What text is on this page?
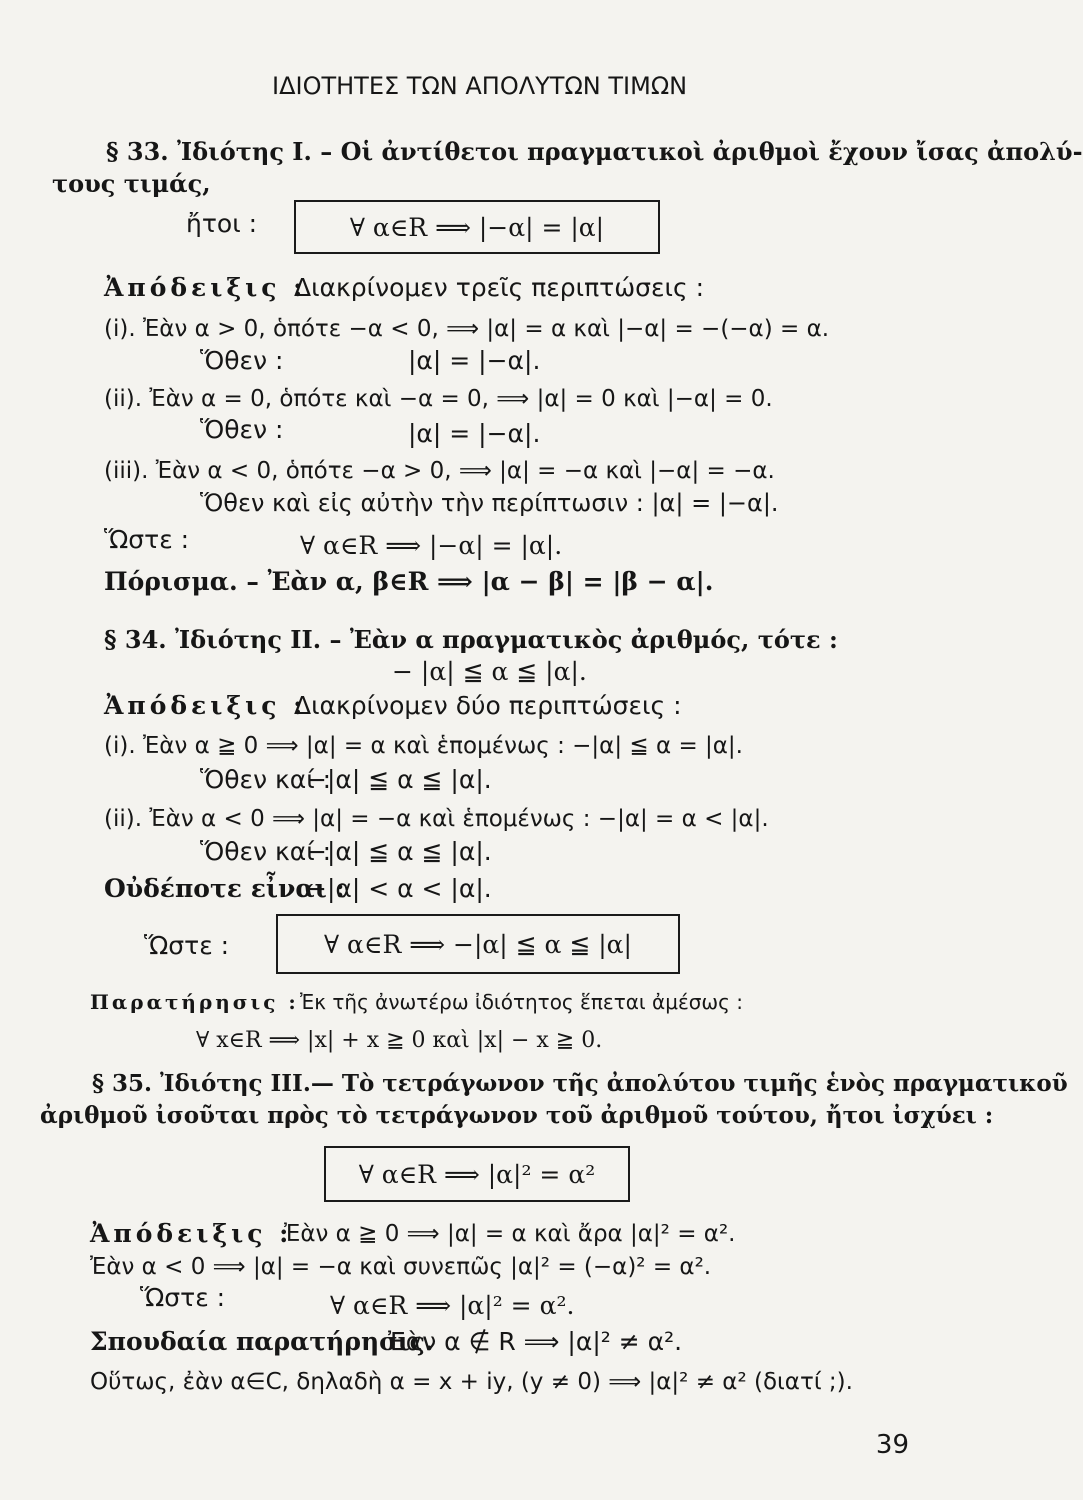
ΙΔΙΟΤΗΤΕΣ ΤΩΝ ΑΠΟΛΥΤΩΝ ΤΙΜΩΝ
§ 33. Ἰδιότης I. – Οἱ ἀντίθετοι πραγματικοὶ ἀριθμοὶ ἔχουν ἴσας ἀπολύ-
τους τιμάς,
ἤτοι :	∀ α∈R ⟹ |−α| = |α|
Ἀπόδειξις :
Διακρίνομεν τρεῖς περιπτώσεις :
(i). Ἐὰν α > 0, ὁπότε −α < 0, ⟹ |α| = α καὶ |−α| = −(−α) = α.
Ὅθεν :	|α| = |−α|.
(ii). Ἐὰν α = 0, ὁπότε καὶ −α = 0, ⟹ |α| = 0 καὶ |−α| = 0.
Ὅθεν :	|α| = |−α|.
(iii). Ἐὰν α < 0, ὁπότε −α > 0, ⟹ |α| = −α καὶ |−α| = −α.
Ὅθεν καὶ εἰς αὐτὴν τὴν περίπτωσιν : |α| = |−α|.
Ὥστε :	∀ α∈R ⟹ |−α| = |α|.
Πόρισμα. – Ἐὰν α, β∈R ⟹ |α − β| = |β − α|.
§ 34. Ἰδιότης II. – Ἐὰν α πραγματικὸς ἀριθμός, τότε :
− |α| ≦ α ≦ |α|.
Ἀπόδειξις :
Διακρίνομεν δύο περιπτώσεις :
(i). Ἐὰν α ≧ 0 ⟹ |α| = α καὶ ἑπομένως : −|α| ≦ α = |α|.
Ὅθεν καί :
−|α| ≦ α ≦ |α|.
(ii). Ἐὰν α < 0 ⟹ |α| = −α καὶ ἑπομένως : −|α| = α < |α|.
Ὅθεν καί :
−|α| ≦ α ≦ |α|.
Οὐδέποτε εἶναι :
−|α| < α < |α|.
Ὥστε :	∀ α∈R ⟹ −|α| ≦ α ≦ |α|
Παρατήρησις : Ἐκ τῆς ἀνωτέρω ἰδιότητος ἕπεται ἀμέσως :
∀ x∈R ⟹ |x| + x ≧ 0 καὶ |x| − x ≧ 0.
§ 35. Ἰδιότης III.— Τὸ τετράγωνον τῆς ἀπολύτου τιμῆς ἑνὸς πραγματικοῦ
ἀριθμοῦ ἰσοῦται πρὸς τὸ τετράγωνον τοῦ ἀριθμοῦ τούτου, ἤτοι ἰσχύει :
∀ α∈R ⟹ |α|² = α²
Ἀπόδειξις :
Ἐὰν α ≧ 0 ⟹ |α| = α καὶ ἄρα |α|² = α².
Ἐὰν α < 0 ⟹ |α| = −α καὶ συνεπῶς |α|² = (−α)² = α².
Ὥστε :	∀ α∈R ⟹ |α|² = α².
Σπουδαία παρατήρησις.
Ἐὰν α ∉ R ⟹ |α|² ≠ α².
Οὕτως, ἐὰν α∈C, δηλαδὴ α = x + iy, (y ≠ 0) ⟹ |α|² ≠ α² (διατί ;).
39
